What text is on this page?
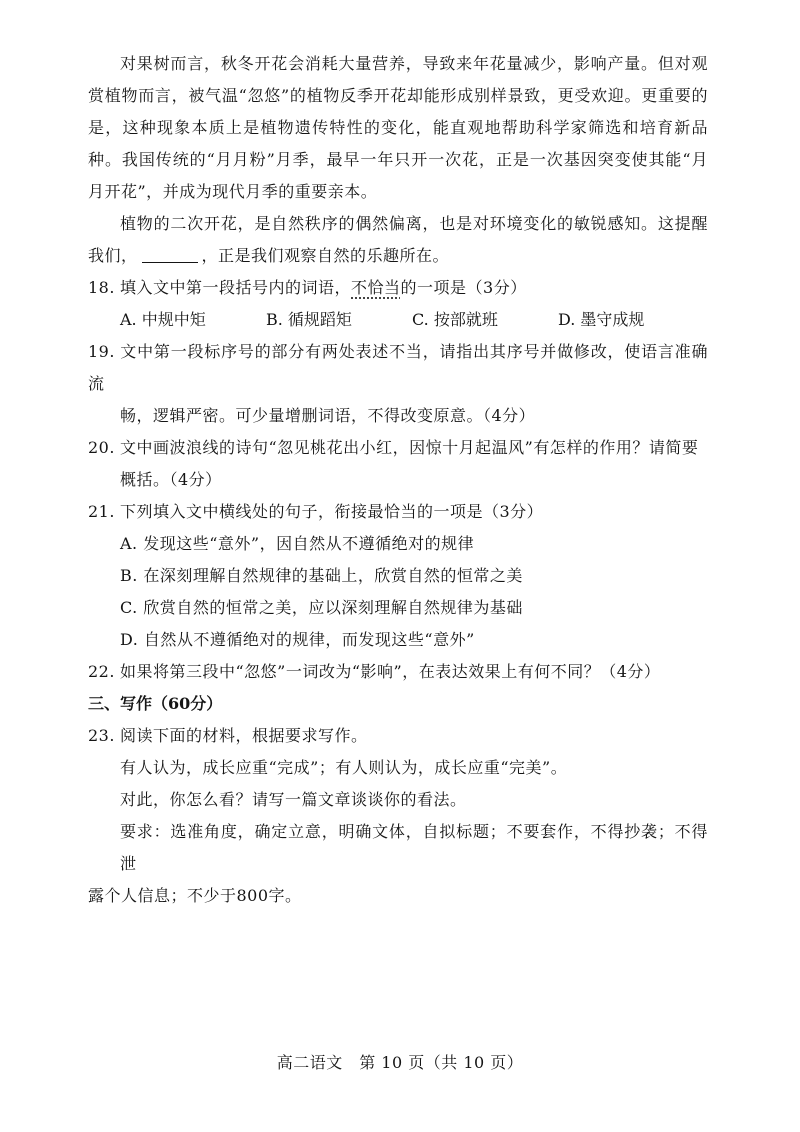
对果树而言，秋冬开花会消耗大量营养，导致来年花量减少，影响产量。但对观赏植物而言，被气温“忽悠”的植物反季开花却能形成别样景致，更受欢迎。更重要的是，这种现象本质上是植物遗传特性的变化，能直观地帮助科学家筛选和培育新品种。我国传统的“月月粉”月季，最早一年只开一次花，正是一次基因突变使其能“月月开花”，并成为现代月季的重要亲本。

植物的二次开花，是自然秩序的偶然偏离，也是对环境变化的敏锐感知。这提醒我们，	，正是我们观察自然的乐趣所在。

18. 填入文中第一段括号内的词语，不恰当的一项是（3分）
A. 中规中矩	B. 循规蹈矩	C. 按部就班	D. 墨守成规
19. 文中第一段标序号的部分有两处表述不当，请指出其序号并做修改，使语言准确流
畅，逻辑严密。可少量增删词语，不得改变原意。（4分）
20. 文中画波浪线的诗句“忽见桃花出小红，因惊十月起温风”有怎样的作用？请简要
概括。（4分）
21. 下列填入文中横线处的句子，衔接最恰当的一项是（3分）

A. 发现这些“意外”，因自然从不遵循绝对的规律

B. 在深刻理解自然规律的基础上，欣赏自然的恒常之美

C. 欣赏自然的恒常之美，应以深刻理解自然规律为基础

D. 自然从不遵循绝对的规律，而发现这些“意外”

22. 如果将第三段中“忽悠”一词改为“影响”，在表达效果上有何不同？（4分）

三、写作（60分）

23. 阅读下面的材料，根据要求写作。

有人认为，成长应重“完成”；有人则认为，成长应重“完美”。

对此，你怎么看？请写一篇文章谈谈你的看法。

要求：选准角度，确定立意，明确文体，自拟标题；不要套作，不得抄袭；不得泄

露个人信息；不少于800字。

高二语文　第 10 页（共 10 页）
